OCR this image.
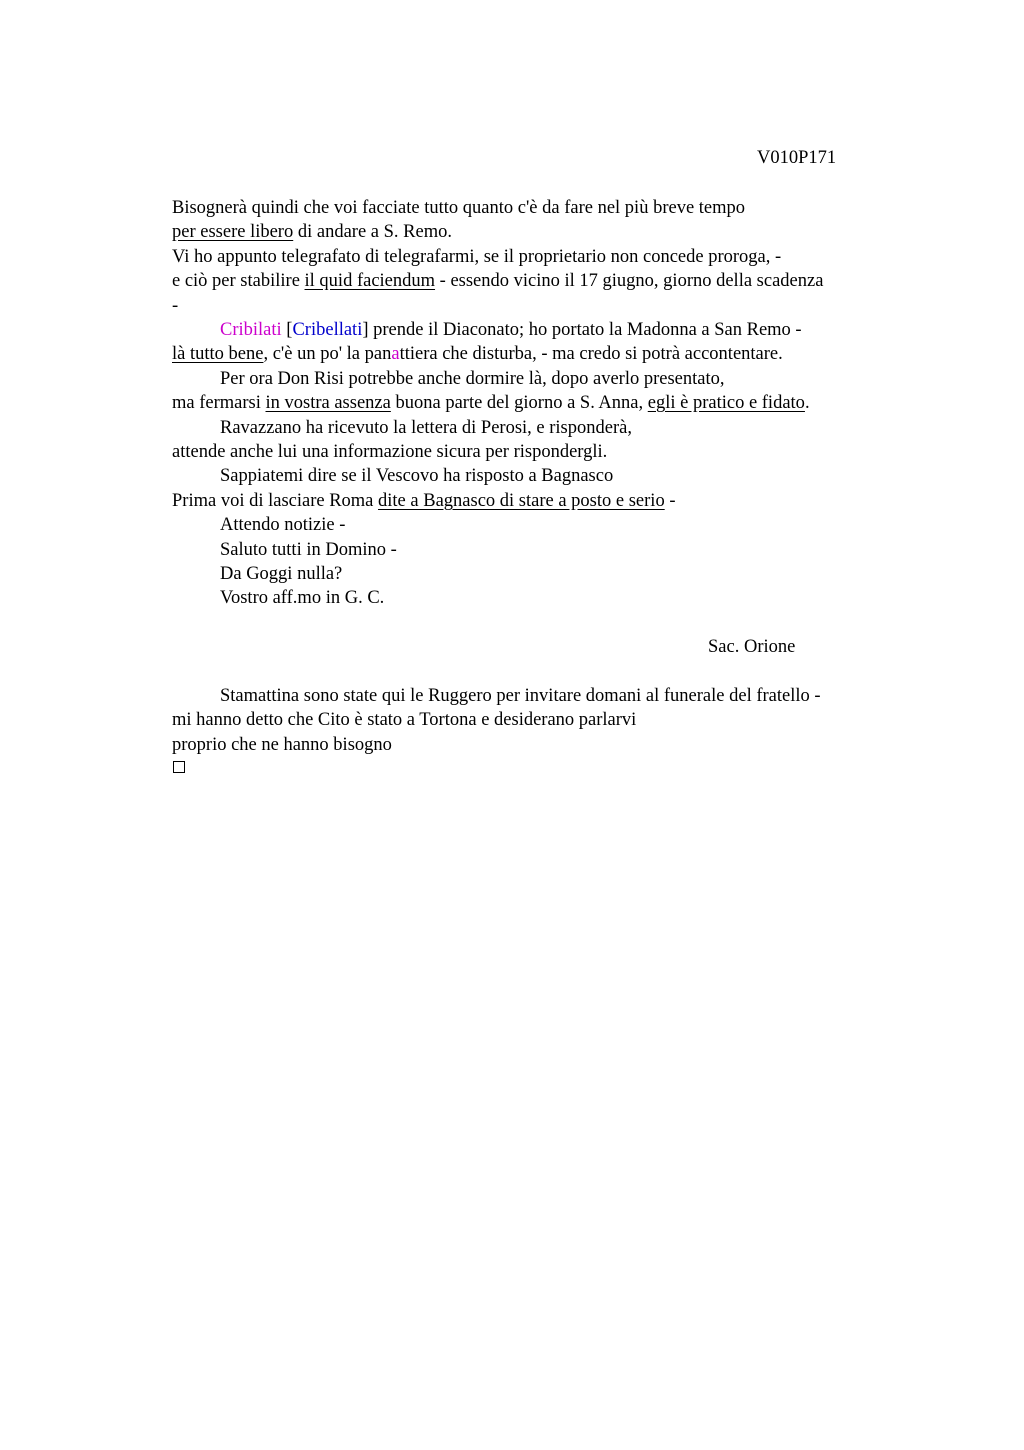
V010P171
Bisognerà quindi che voi facciate tutto quanto c'è da fare nel più breve tempo
per essere libero di andare a S. Remo.
Vi ho appunto telegrafato di telegrafarmi, se il proprietario non concede proroga, -
e ciò per stabilire il quid faciendum - essendo vicino il 17 giugno, giorno della scadenza
-
Cribilati [Cribellati] prende il Diaconato; ho portato la Madonna a San Remo -
là tutto bene, c'è un po' la panattiera che disturba, - ma credo si potrà accontentare.
Per ora Don Risi potrebbe anche dormire là, dopo averlo presentato,
ma fermarsi in vostra assenza buona parte del giorno a S. Anna, egli è pratico e fidato.
Ravazzano ha ricevuto la lettera di Perosi, e risponderà,
attende anche lui una informazione sicura per rispondergli.
Sappiatemi dire se il Vescovo ha risposto a Bagnasco
Prima voi di lasciare Roma dite a Bagnasco di stare a posto e serio -
Attendo notizie -
Saluto tutti in Domino -
Da Goggi nulla?
Vostro aff.mo in G. C.
Sac. Orione
Stamattina sono state qui le Ruggero per invitare domani al funerale del fratello -
mi hanno detto che Cito è stato a Tortona e desiderano parlarvi
proprio che ne hanno bisogno
